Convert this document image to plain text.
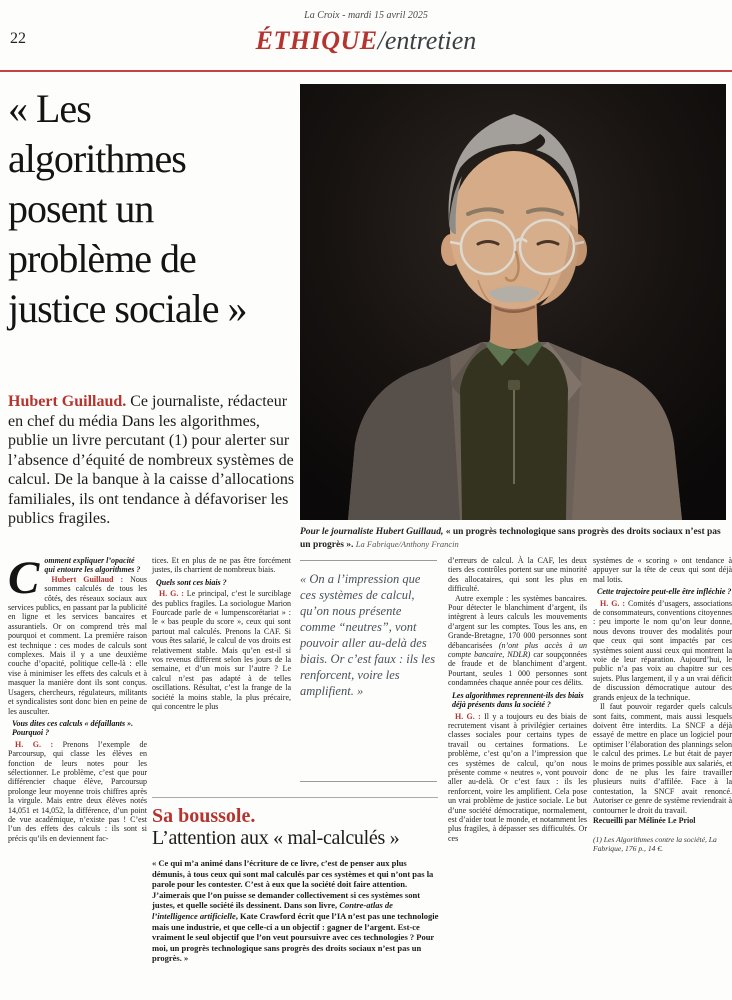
La Croix - mardi 15 avril 2025
22	ÉTHIQUE/entretien
« Les
algorithmes
posent un
problème de
justice sociale »
Hubert Guillaud. Ce journaliste, rédacteur en chef du média Dans les algorithmes, publie un livre percutant (1) pour alerter sur l’absence d’équité de nombreux systèmes de calcul. De la banque à la caisse d’allocations familiales, ils ont tendance à défavoriser les publics fragiles.
Pour le journaliste Hubert Guillaud, « un progrès technologique sans progrès des droits sociaux n’est pas un progrès ». La Fabrique/Anthony Francin

Comment expliquer l’opacité qui entoure les algorithmes ?

Hubert Guillaud : Nous sommes calculés de tous les côtés, des réseaux sociaux aux services publics, en passant par la publicité en ligne et les services bancaires et assurantiels. Or on comprend très mal pourquoi et comment. La première raison est technique : ces modes de calculs sont complexes. Mais il y a une deuxième couche d’opacité, politique celle-là : elle vise à minimiser les effets des calculs et à masquer la manière dont ils sont conçus. Usagers, chercheurs, régulateurs, militants et syndicalistes sont donc bien en peine de les ausculter.

Vous dites ces calculs « défaillants ». Pourquoi ?

H. G. : Prenons l’exemple de Parcoursup, qui classe les élèves en fonction de leurs notes pour les sélectionner. Le problème, c’est que pour différencier chaque élève, Parcoursup prolonge leur moyenne trois chiffres après la virgule. Mais entre deux élèves notés 14,051 et 14,052, la différence, d’un point de vue académique, n’existe pas ! C’est l’un des effets des calculs : ils sont si précis qu’ils en deviennent fac-

tices. Et en plus de ne pas être forcément justes, ils charrient de nombreux biais.

Quels sont ces biais ?

H. G. : Le principal, c’est le surciblage des publics fragiles. La sociologue Marion Fourcade parle de « lumpenscorétariat » : le « bas peuple du score », ceux qui sont partout mal calculés. Prenons la CAF. Si vous êtes salarié, le calcul de vos droits est relativement stable. Mais qu’en est-il si vos revenus diffèrent selon les jours de la semaine, et d’un mois sur l’autre ? Le calcul n’est pas adapté à de telles oscillations. Résultat, c’est la frange de la société la moins stable, la plus précaire, qui concentre le plus

« On a l’impression que ces systèmes de calcul, qu’on nous présente comme “neutres”, vont pouvoir aller au-delà des biais. Or c’est faux : ils les renforcent, voire les amplifient. »

d’erreurs de calcul. À la CAF, les deux tiers des contrôles portent sur une minorité des allocataires, qui sont les plus en difficulté.

Autre exemple : les systèmes bancaires. Pour détecter le blanchiment d’argent, ils intègrent à leurs calculs les mouvements d’argent sur les comptes. Tous les ans, en Grande-Bretagne, 170 000 personnes sont débancarisées (n’ont plus accès à un compte bancaire, NDLR) car soupçonnées de fraude et de blanchiment d’argent. Pourtant, seules 1 000 personnes sont condamnées chaque année pour ces délits.

Les algorithmes reprennent-ils des biais déjà présents dans la société ?

H. G. : Il y a toujours eu des biais de recrutement visant à privilégier certaines classes sociales pour certains types de travail ou certaines formations. Le problème, c’est qu’on a l’impression que ces systèmes de calcul, qu’on nous présente comme « neutres », vont pouvoir aller au-delà. Or c’est faux : ils les renforcent, voire les amplifient. Cela pose un vrai problème de justice sociale. Le but d’une société démocratique, normalement, est d’aider tout le monde, et notamment les plus fragiles, à dépasser ses difficultés. Or ces

systèmes de « scoring » ont tendance à appuyer sur la tête de ceux qui sont déjà mal lotis.

Cette trajectoire peut-elle être infléchie ?

H. G. : Comités d’usagers, associations de consommateurs, conventions citoyennes : peu importe le nom qu’on leur donne, nous devons trouver des modalités pour que ceux qui sont impactés par ces systèmes soient aussi ceux qui montrent la voie de leur réparation. Aujourd’hui, le public n’a pas voix au chapitre sur ces sujets. Plus largement, il y a un vrai déficit de discussion démocratique autour des grands enjeux de la technique.

Il faut pouvoir regarder quels calculs sont faits, comment, mais aussi lesquels doivent être interdits. La SNCF a déjà essayé de mettre en place un logiciel pour optimiser l’élaboration des plannings selon le calcul des primes. Le but était de payer le moins de primes possible aux salariés, et donc de ne plus les faire travailler plusieurs nuits d’affilée. Face à la contestation, la SNCF avait renoncé. Autoriser ce genre de système reviendrait à contourner le droit du travail.

Recueilli par Mélinée Le Priol

(1) Les Algorithmes contre la société, La Fabrique, 176 p., 14 €.

Sa boussole.
L’attention aux « mal-calculés »
« Ce qui m’a animé dans l’écriture de ce livre, c’est de penser aux plus démunis, à tous ceux qui sont mal calculés par ces systèmes et qui n’ont pas la parole pour les contester. C’est à eux que la société doit faire attention. J’aimerais que l’on puisse se demander collectivement si ces systèmes sont justes, et quelle société ils dessinent. Dans son livre, Contre-atlas de l’intelligence artificielle, Kate Crawford écrit que l’IA n’est pas une technologie mais une industrie, et que celle-ci a un objectif : gagner de l’argent. Est-ce vraiment le seul objectif que l’on veut poursuivre avec ces technologies ? Pour moi, un progrès technologique sans progrès des droits sociaux n’est pas un progrès. »
